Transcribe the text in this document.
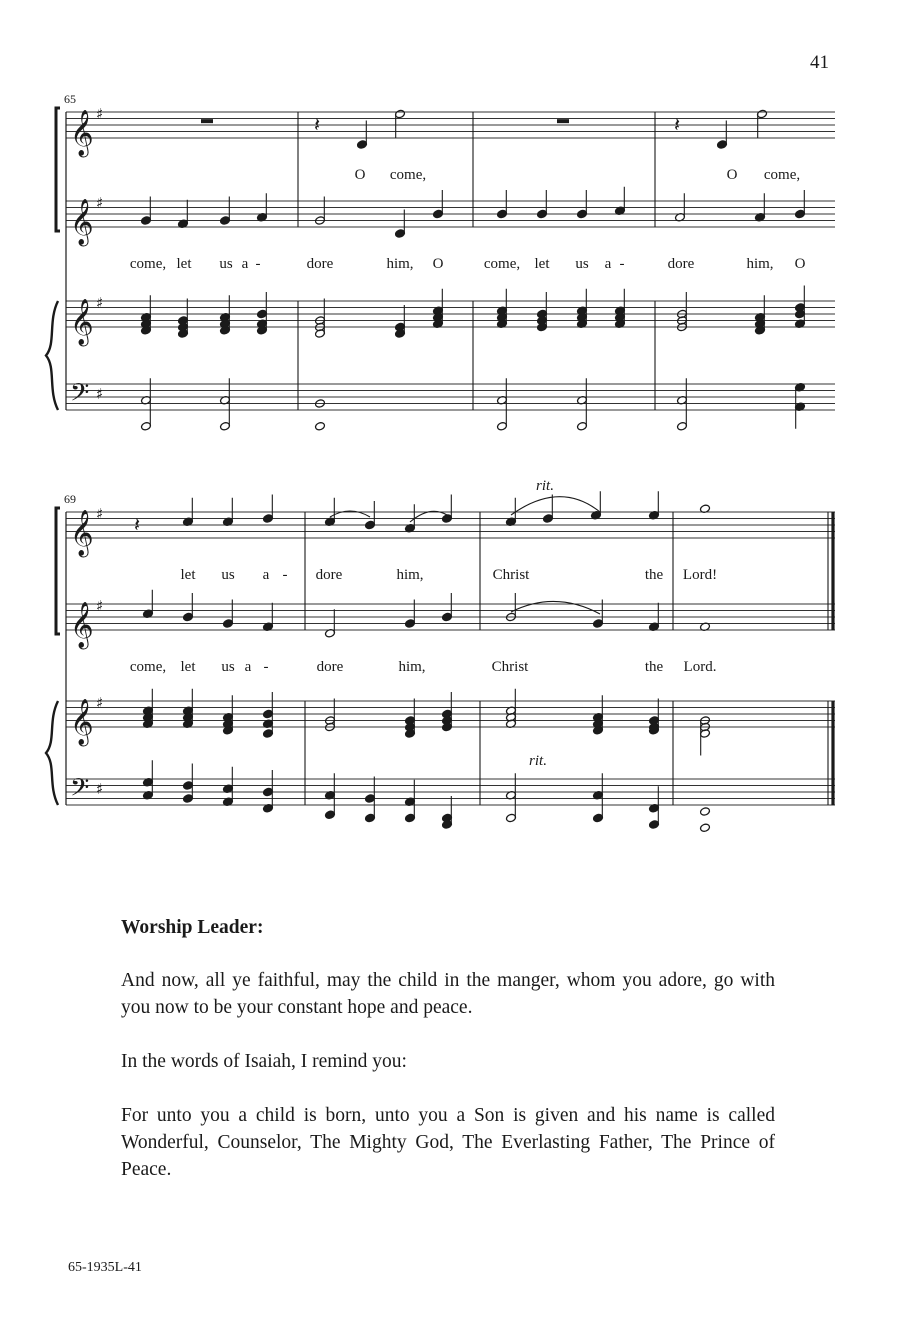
41
65
69
𝄞 ♯
𝄞 ♯
𝄞 ♯
𝄢 ♯
𝄽	𝄽
O come,	O come,
come, let us a -	dore	him, O	come, let us a -	dore	him, O
𝄞 ♯
𝄞 ♯
𝄞 ♯
𝄢 ♯
rit.
rit.
𝄽
let us a - dore	him,	Christ	the Lord!
come, let us a -	dore	him,	Christ	the Lord.
Worship Leader:

And now, all ye faithful, may the child in the manger, whom you adore, go with you now to be your constant hope and peace.

In the words of Isaiah, I remind you:

For unto you a child is born, unto you a Son is given and his name is called Wonderful, Counselor, The Mighty God, The Everlasting Father, The Prince of Peace.

65-1935L-41
